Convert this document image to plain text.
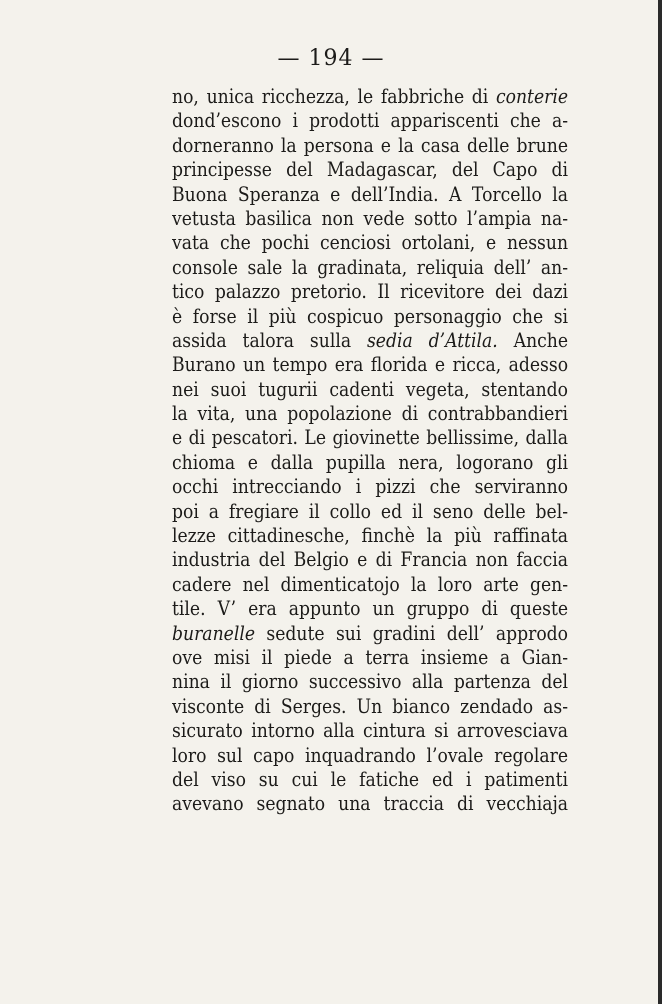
— 194 —
no, unica ricchezza, le fabbriche di conterie
dond’escono i prodotti appariscenti che a-
dorneranno la persona e la casa delle brune
principesse del Madagascar, del Capo di
Buona Speranza e dell’India. A Torcello la
vetusta basilica non vede sotto l’ampia na-
vata che pochi cenciosi ortolani, e nessun
console sale la gradinata, reliquia dell’ an-
tico palazzo pretorio. Il ricevitore dei dazi
è forse il più cospicuo personaggio che si
assida talora sulla sedia d’Attila. Anche
Burano un tempo era florida e ricca, adesso
nei suoi tugurii cadenti vegeta, stentando
la vita, una popolazione di contrabbandieri
e di pescatori. Le giovinette bellissime, dalla
chioma e dalla pupilla nera, logorano gli
occhi intrecciando i pizzi che serviranno
poi a fregiare il collo ed il seno delle bel-
lezze cittadinesche, finchè la più raffinata
industria del Belgio e di Francia non faccia
cadere nel dimenticatojo la loro arte gen-
tile. V’ era appunto un gruppo di queste
buranelle sedute sui gradini dell’ approdo
ove misi il piede a terra insieme a Gian-
nina il giorno successivo alla partenza del
visconte di Serges. Un bianco zendado as-
sicurato intorno alla cintura si arrovesciava
loro sul capo inquadrando l’ovale regolare
del viso su cui le fatiche ed i patimenti
avevano segnato una traccia di vecchiaja
